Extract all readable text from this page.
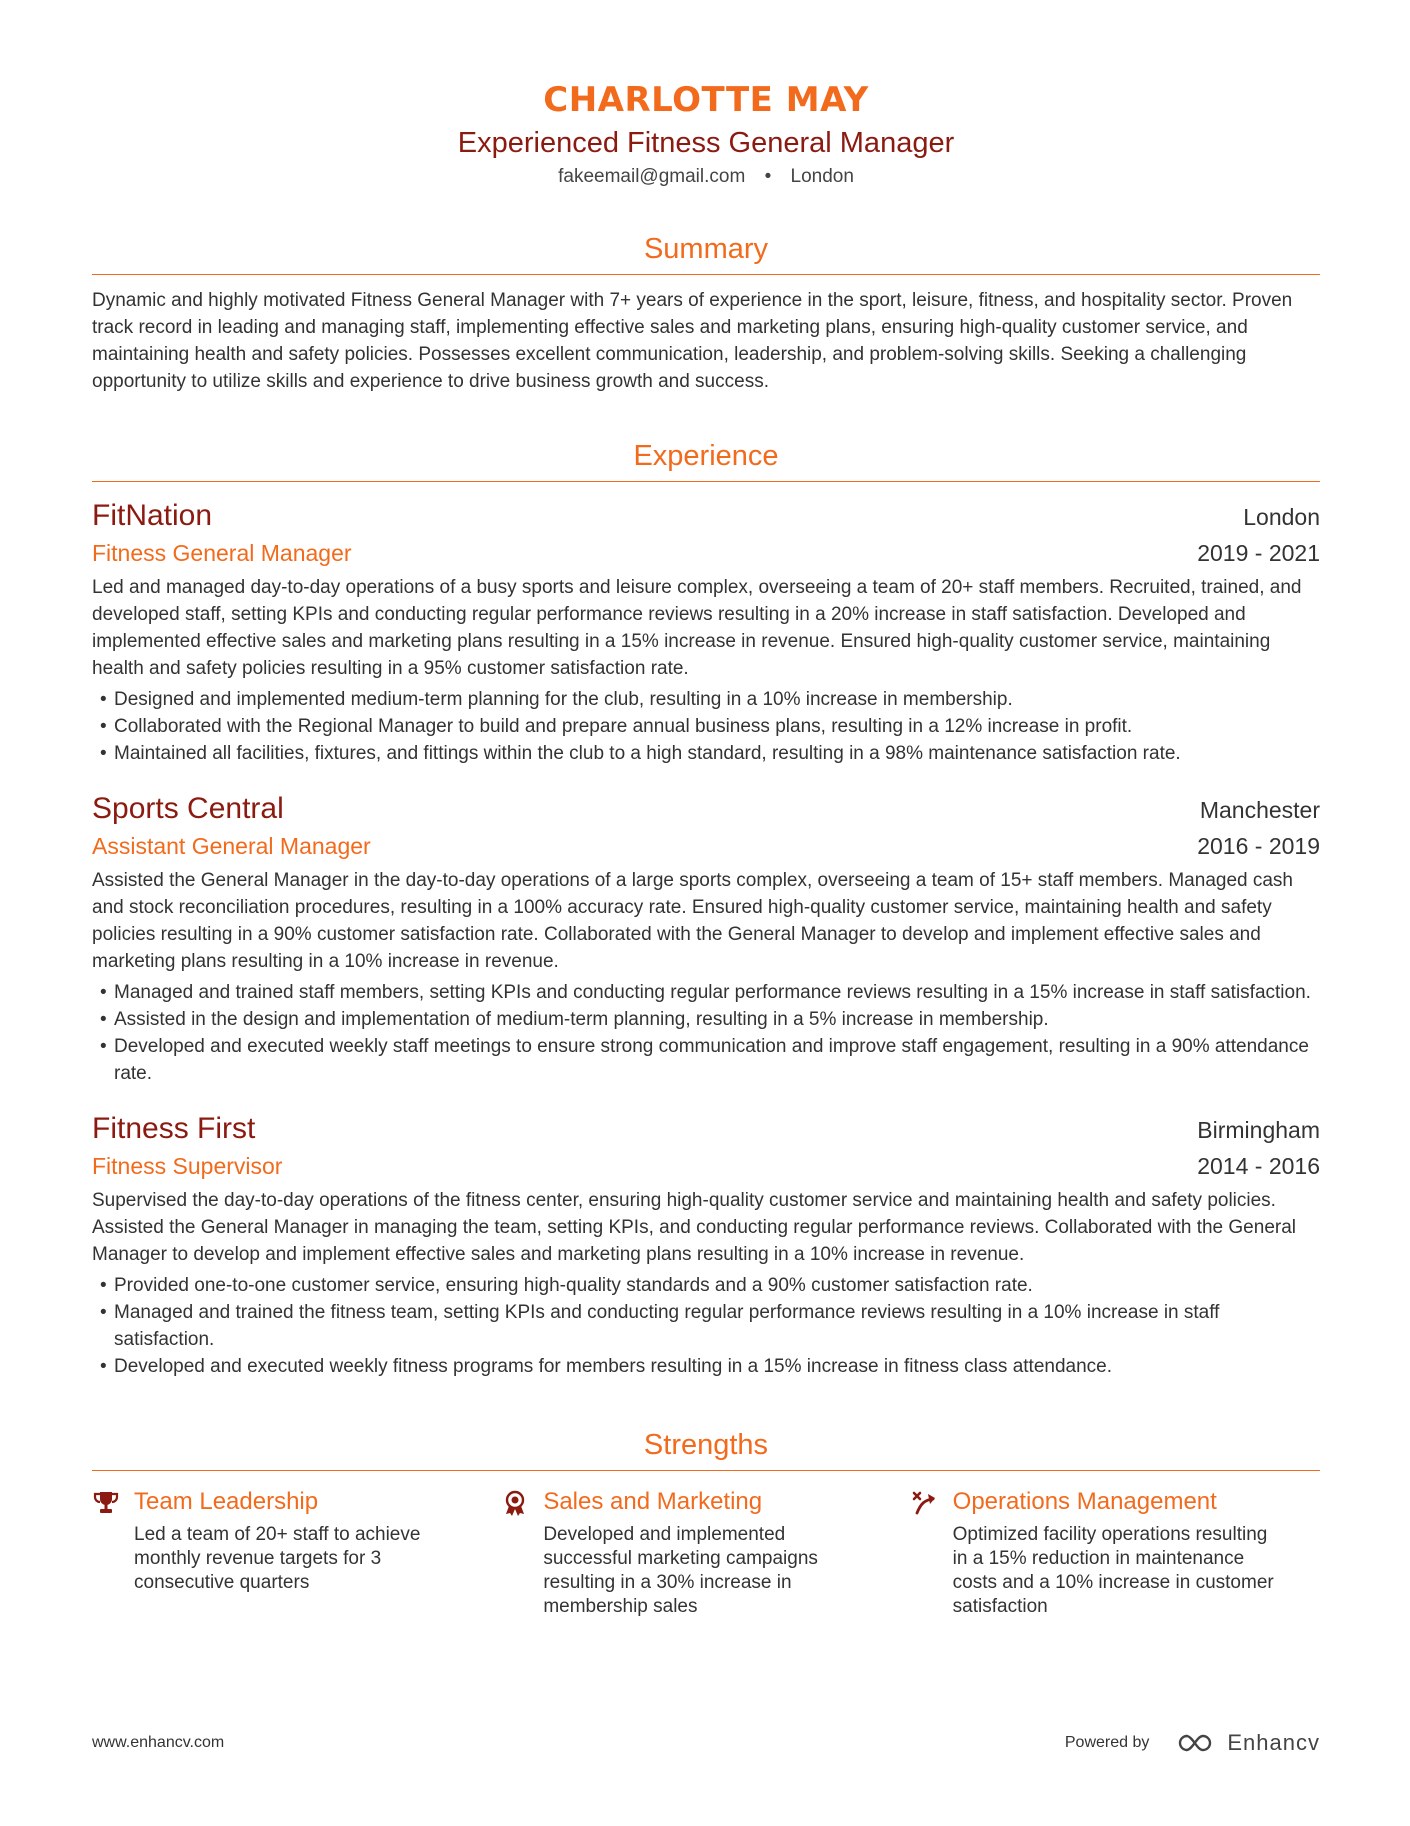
CHARLOTTE MAY
Experienced Fitness General Manager
fakeemail@gmail.com • London
Summary

Dynamic and highly motivated Fitness General Manager with 7+ years of experience in the sport, leisure, fitness, and hospitality sector. Proven track record in leading and managing staff, implementing effective sales and marketing plans, ensuring high-quality customer service, and maintaining health and safety policies. Possesses excellent communication, leadership, and problem-solving skills. Seeking a challenging opportunity to utilize skills and experience to drive business growth and success.

Experience
FitNation	London
Fitness General Manager	2019 - 2021

Led and managed day-to-day operations of a busy sports and leisure complex, overseeing a team of 20+ staff members. Recruited, trained, and developed staff, setting KPIs and conducting regular performance reviews resulting in a 20% increase in staff satisfaction. Developed and implemented effective sales and marketing plans resulting in a 15% increase in revenue. Ensured high-quality customer service, maintaining health and safety policies resulting in a 95% customer satisfaction rate.

• Designed and implemented medium-term planning for the club, resulting in a 10% increase in membership.
• Collaborated with the Regional Manager to build and prepare annual business plans, resulting in a 12% increase in profit.
• Maintained all facilities, fixtures, and fittings within the club to a high standard, resulting in a 98% maintenance satisfaction rate.
Sports Central	Manchester
Assistant General Manager	2016 - 2019

Assisted the General Manager in the day-to-day operations of a large sports complex, overseeing a team of 15+ staff members. Managed cash and stock reconciliation procedures, resulting in a 100% accuracy rate. Ensured high-quality customer service, maintaining health and safety policies resulting in a 90% customer satisfaction rate. Collaborated with the General Manager to develop and implement effective sales and marketing plans resulting in a 10% increase in revenue.

• Managed and trained staff members, setting KPIs and conducting regular performance reviews resulting in a 15% increase in staff satisfaction.
• Assisted in the design and implementation of medium-term planning, resulting in a 5% increase in membership.
• Developed and executed weekly staff meetings to ensure strong communication and improve staff engagement, resulting in a 90% attendance rate.
Fitness First	Birmingham
Fitness Supervisor	2014 - 2016

Supervised the day-to-day operations of the fitness center, ensuring high-quality customer service and maintaining health and safety policies. Assisted the General Manager in managing the team, setting KPIs, and conducting regular performance reviews. Collaborated with the General Manager to develop and implement effective sales and marketing plans resulting in a 10% increase in revenue.

• Provided one-to-one customer service, ensuring high-quality standards and a 90% customer satisfaction rate.
• Managed and trained the fitness team, setting KPIs and conducting regular performance reviews resulting in a 10% increase in staff satisfaction.
• Developed and executed weekly fitness programs for members resulting in a 15% increase in fitness class attendance.
Strengths
Team Leadership
Led a team of 20+ staff to achieve monthly revenue targets for 3 consecutive quarters
Sales and Marketing
Developed and implemented successful marketing campaigns resulting in a 30% increase in membership sales
Operations Management
Optimized facility operations resulting in a 15% reduction in maintenance costs and a 10% increase in customer satisfaction
www.enhancv.com	Powered by	Enhancv
